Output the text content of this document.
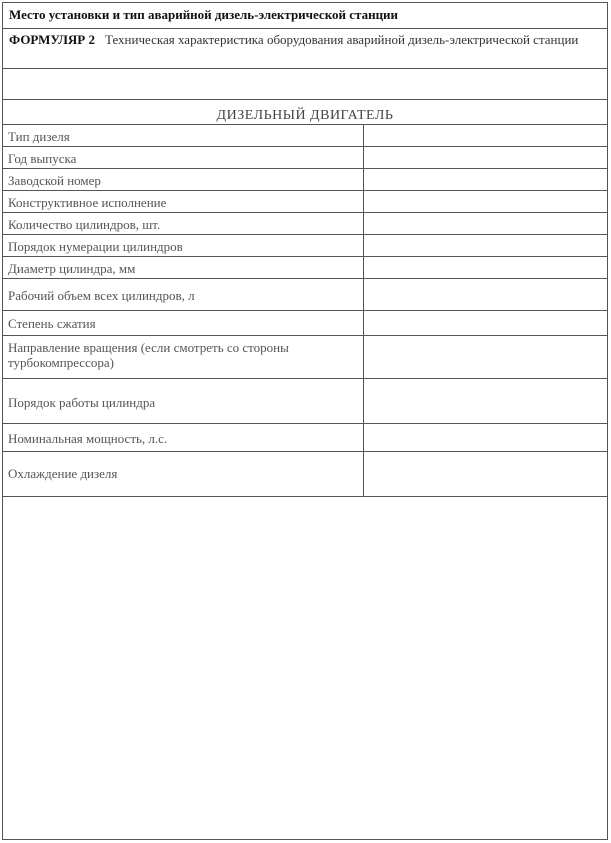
Место установки и тип аварийной дизель-электрической станции
ФОРМУЛЯР 2 Техническая характеристика оборудования аварийной дизель-электрической станции
ДИЗЕЛЬНЫЙ ДВИГАТЕЛЬ
Тип дизеля
Год выпуска
Заводской номер
Конструктивное исполнение
Количество цилиндров, шт.
Порядок нумерации цилиндров
Диаметр цилиндра, мм
Рабочий объем всех цилиндров, л
Степень сжатия
Направление вращения (если смотреть со стороны турбокомпрессора)
Порядок работы цилиндра
Номинальная мощность, л.с.
Охлаждение дизеля
